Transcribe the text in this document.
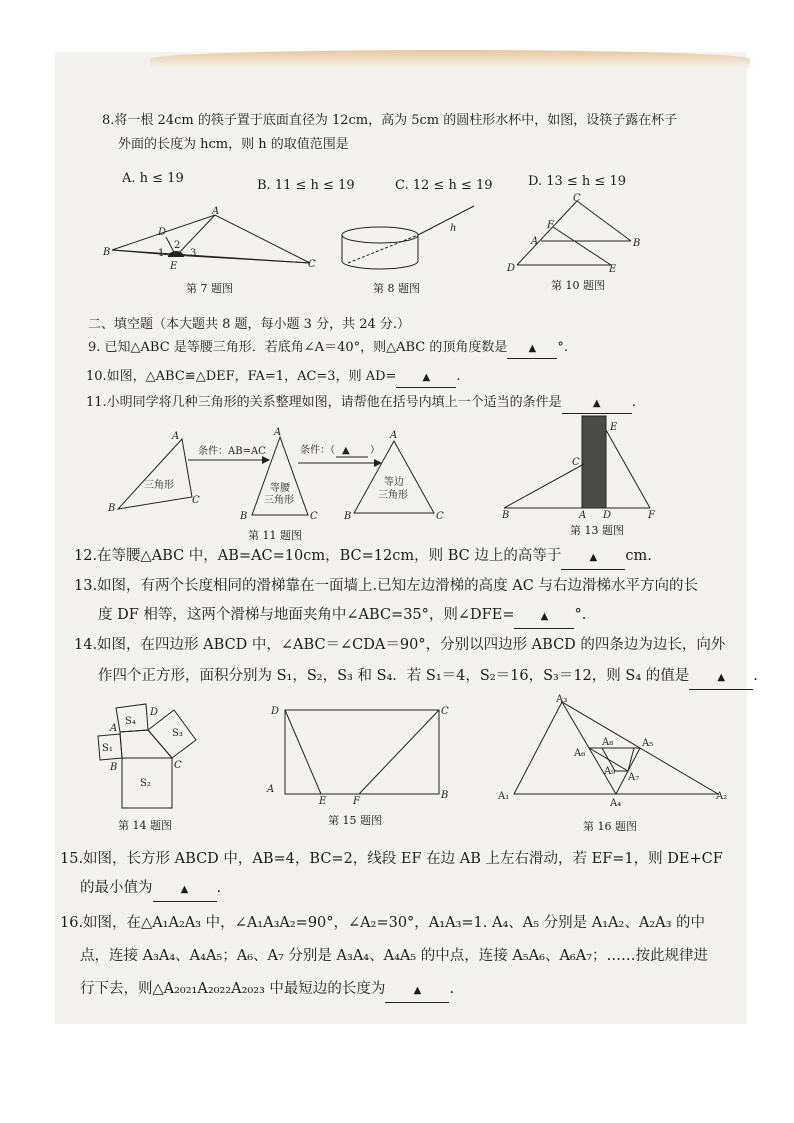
8.将一根 24cm 的筷子置于底面直径为 12cm，高为 5cm 的圆柱形水杯中，如图，设筷子露在杯子
外面的长度为 hcm，则 h 的取值范围是
A. h ≤ 19	B. 11 ≤ h ≤ 19	C. 12 ≤ h ≤ 19	D. 13 ≤ h ≤ 19
A
B
C
D
E
1
2
3
第 7 题图
h
第 8 题图
C
F
A	B
D	E
第 10 题图
二、填空题（本大题共 8 题，每小题 3 分，共 24 分.）
9. 已知△ABC 是等腰三角形．若底角∠A＝40°，则△ABC 的顶角度数是 ▲ °.
10.如图，△ABC≌△DEF，FA=1，AC=3，则 AD=	▲ .
11.小明同学将几种三角形的关系整理如图，请帮他在括号内填上一个适当的条件是	▲ .
三角形
条件：AB=AC
等腰
三角形
条件：（ ▲ ）
等边
三角形
A
B
C
A
B	C
A
B	C
第 11 题图
E
C
B	A D	F
第 13 题图
12.在等腰△ABC 中，AB=AC=10cm，BC=12cm，则 BC 边上的高等于	▲ cm.
13.如图，有两个长度相同的滑梯靠在一面墙上.已知左边滑梯的高度 AC 与右边滑梯水平方向的长
度 DF 相等，这两个滑梯与地面夹角中∠ABC=35°，则∠DFE=	▲ °.
14.如图，在四边形 ABCD 中，∠ABC＝∠CDA＝90°，分别以四边形 ABCD 的四条边为边长，向外
作四个正方形，面积分别为 S₁，S₂，S₃ 和 S₄．若 S₁＝4，S₂＝16，S₃＝12，则 S₄ 的值是	▲ .
S₄
D
S₃
S₁
A
B	C
S₂
第 14 题图
D	C
A
E	F
B
第 15 题图
A₃
A₈	A₅
A₆
A₉
A₇
A₁
A₄
A₂
第 16 题图
15.如图，长方形 ABCD 中，AB=4，BC=2，线段 EF 在边 AB 上左右滑动，若 EF=1，则 DE+CF
的最小值为	▲ .
16.如图，在△A₁A₂A₃ 中，∠A₁A₃A₂=90°，∠A₂=30°，A₁A₃=1. A₄、A₅ 分别是 A₁A₂、A₂A₃ 的中
点，连接 A₃A₄、A₄A₅；A₆、A₇ 分别是 A₃A₄、A₄A₅ 的中点，连接 A₅A₆、A₆A₇；……按此规律进
行下去，则△A₂₀₂₁A₂₀₂₂A₂₀₂₃ 中最短边的长度为	▲ .
